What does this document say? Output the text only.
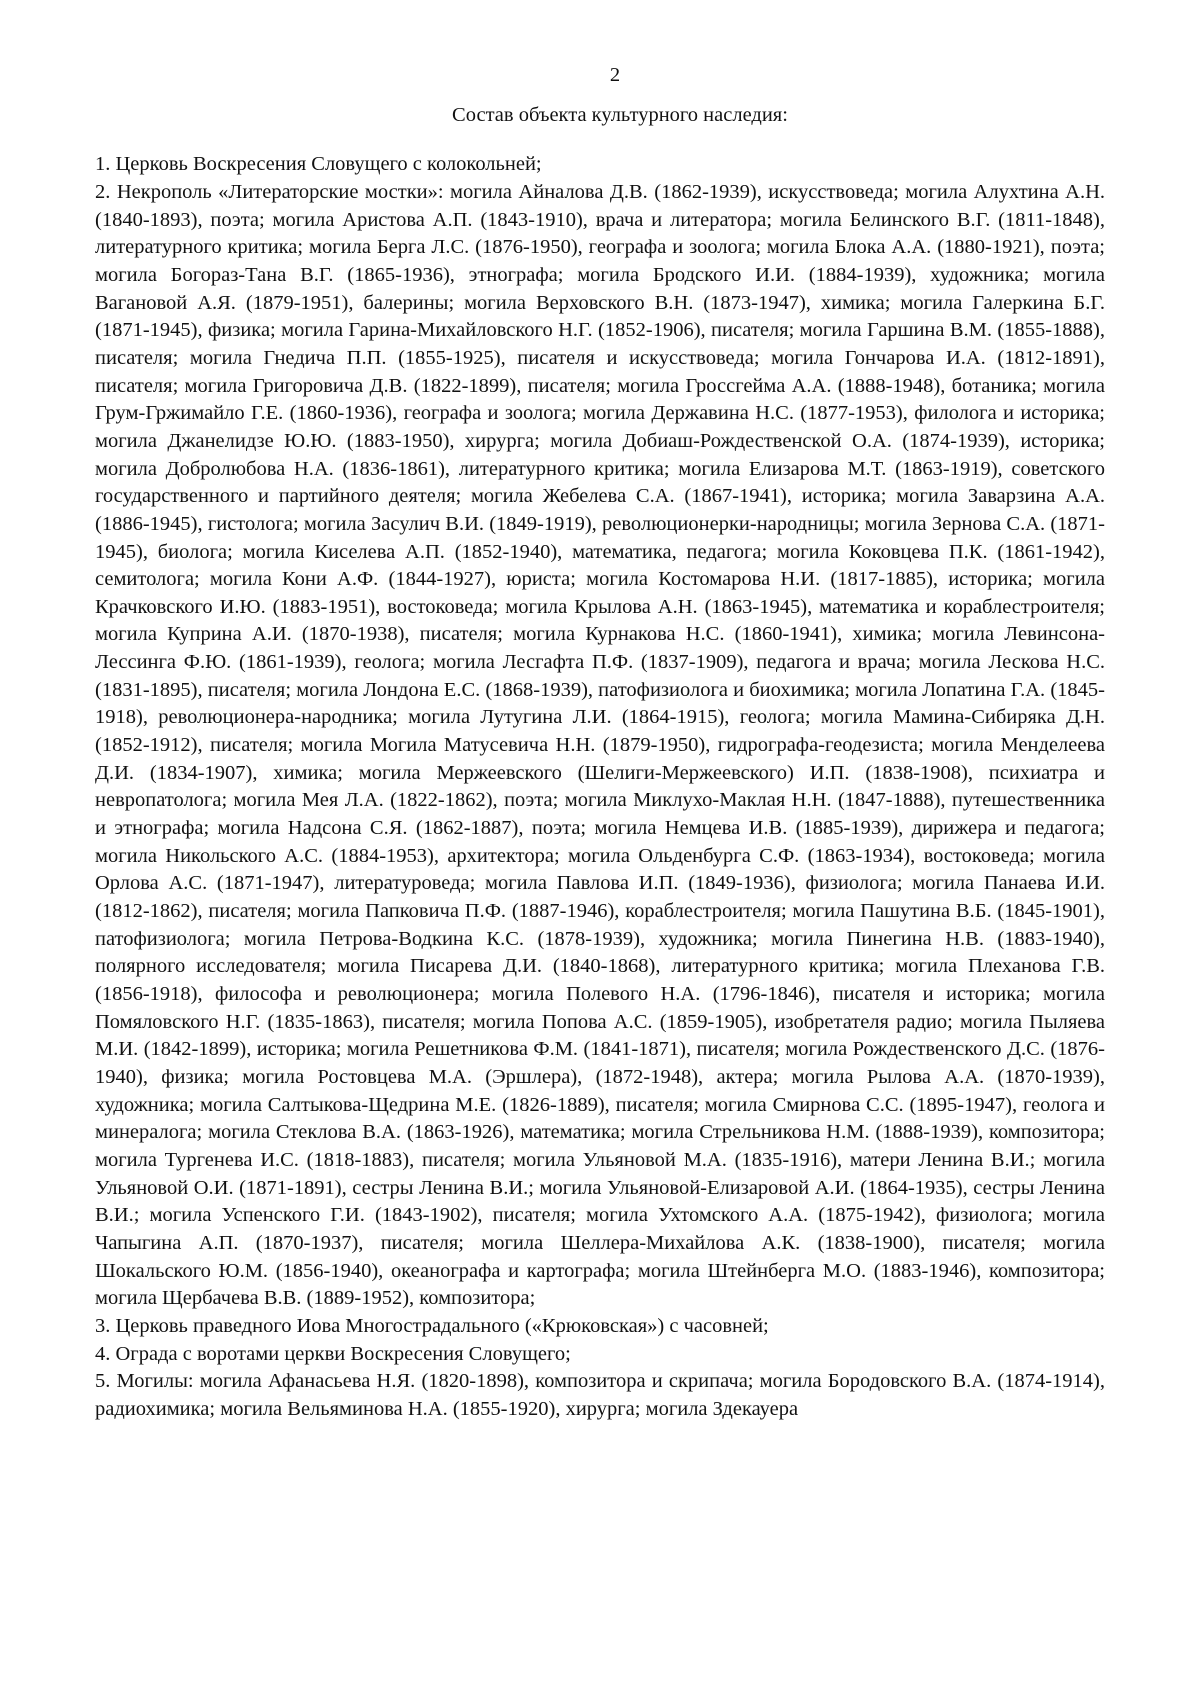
2
Состав объекта культурного наследия:

1. Церковь Воскресения Словущего с колокольней;

2. Некрополь «Литераторские мостки»: могила Айналова Д.В. (1862-1939), искусствоведа; могила Алухтина А.Н. (1840-1893), поэта; могила Аристова А.П. (1843-1910), врача и литератора; могила Белинского В.Г. (1811-1848), литературного критика; могила Берга Л.С. (1876-1950), географа и зоолога; могила Блока А.А. (1880-1921), поэта; могила Богораз-Тана В.Г. (1865-1936), этнографа; могила Бродского И.И. (1884-1939), художника; могила Вагановой А.Я. (1879-1951), балерины; могила Верховского В.Н. (1873-1947), химика; могила Галеркина Б.Г. (1871-1945), физика; могила Гарина-Михайловского Н.Г. (1852-1906), писателя; могила Гаршина В.М. (1855-1888), писателя; могила Гнедича П.П. (1855-1925), писателя и искусствоведа; могила Гончарова И.А. (1812-1891), писателя; могила Григоровича Д.В. (1822-1899), писателя; могила Гроссгейма А.А. (1888-1948), ботаника; могила Грум-Гржимайло Г.Е. (1860-1936), географа и зоолога; могила Державина Н.С. (1877-1953), филолога и историка; могила Джанелидзе Ю.Ю. (1883-1950), хирурга; могила Добиаш-Рождественской О.А. (1874-1939), историка; могила Добролюбова Н.А. (1836-1861), литературного критика; могила Елизарова М.Т. (1863-1919), советского государственного и партийного деятеля; могила Жебелева С.А. (1867-1941), историка; могила Заварзина А.А. (1886-1945), гистолога; могила Засулич В.И. (1849-1919), революционерки-народницы; могила Зернова С.А. (1871-1945), биолога; могила Киселева А.П. (1852-1940), математика, педагога; могила Коковцева П.К. (1861-1942), семитолога; могила Кони А.Ф. (1844-1927), юриста; могила Костомарова Н.И. (1817-1885), историка; могила Крачковского И.Ю. (1883-1951), востоковеда; могила Крылова А.Н. (1863-1945), математика и кораблестроителя; могила Куприна А.И. (1870-1938), писателя; могила Курнакова Н.С. (1860-1941), химика; могила Левинсона-Лессинга Ф.Ю. (1861-1939), геолога; могила Лесгафта П.Ф. (1837-1909), педагога и врача; могила Лескова Н.С. (1831-1895), писателя; могила Лондона Е.С. (1868-1939), патофизиолога и биохимика; могила Лопатина Г.А. (1845-1918), революционера-народника; могила Лутугина Л.И. (1864-1915), геолога; могила Мамина-Сибиряка Д.Н. (1852-1912), писателя; могила Могила Матусевича Н.Н. (1879-1950), гидрографа-геодезиста; могила Менделеева Д.И. (1834-1907), химика; могила Мержеевского (Шелиги-Мержеевского) И.П. (1838-1908), психиатра и невропатолога; могила Мея Л.А. (1822-1862), поэта; могила Миклухо-Маклая Н.Н. (1847-1888), путешественника и этнографа; могила Надсона С.Я. (1862-1887), поэта; могила Немцева И.В. (1885-1939), дирижера и педагога; могила Никольского А.С. (1884-1953), архитектора; могила Ольденбурга С.Ф. (1863-1934), востоковеда; могила Орлова А.С. (1871-1947), литературоведа; могила Павлова И.П. (1849-1936), физиолога; могила Панаева И.И. (1812-1862), писателя; могила Папковича П.Ф. (1887-1946), кораблестроителя; могила Пашутина В.Б. (1845-1901), патофизиолога; могила Петрова-Водкина К.С. (1878-1939), художника; могила Пинегина Н.В. (1883-1940), полярного исследователя; могила Писарева Д.И. (1840-1868), литературного критика; могила Плеханова Г.В. (1856-1918), философа и революционера; могила Полевого Н.А. (1796-1846), писателя и историка; могила Помяловского Н.Г. (1835-1863), писателя; могила Попова А.С. (1859-1905), изобретателя радио; могила Пыляева М.И. (1842-1899), историка; могила Решетникова Ф.М. (1841-1871), писателя; могила Рождественского Д.С. (1876-1940), физика; могила Ростовцева М.А. (Эршлера), (1872-1948), актера; могила Рылова А.А. (1870-1939), художника; могила Салтыкова-Щедрина М.Е. (1826-1889), писателя; могила Смирнова С.С. (1895-1947), геолога и минералога; могила Стеклова В.А. (1863-1926), математика; могила Стрельникова Н.М. (1888-1939), композитора; могила Тургенева И.С. (1818-1883), писателя; могила Ульяновой М.А. (1835-1916), матери Ленина В.И.; могила Ульяновой О.И. (1871-1891), сестры Ленина В.И.; могила Ульяновой-Елизаровой А.И. (1864-1935), сестры Ленина В.И.; могила Успенского Г.И. (1843-1902), писателя; могила Ухтомского А.А. (1875-1942), физиолога; могила Чапыгина А.П. (1870-1937), писателя; могила Шеллера-Михайлова А.К. (1838-1900), писателя; могила Шокальского Ю.М. (1856-1940), океанографа и картографа; могила Штейнберга М.О. (1883-1946), композитора; могила Щербачева В.В. (1889-1952), композитора;

3. Церковь праведного Иова Многострадального («Крюковская») с часовней;

4. Ограда с воротами церкви Воскресения Словущего;

5. Могилы: могила Афанасьева Н.Я. (1820-1898), композитора и скрипача; могила Бородовского В.А. (1874-1914), радиохимика; могила Вельяминова Н.А. (1855-1920), хирурга; могила Здекауера
